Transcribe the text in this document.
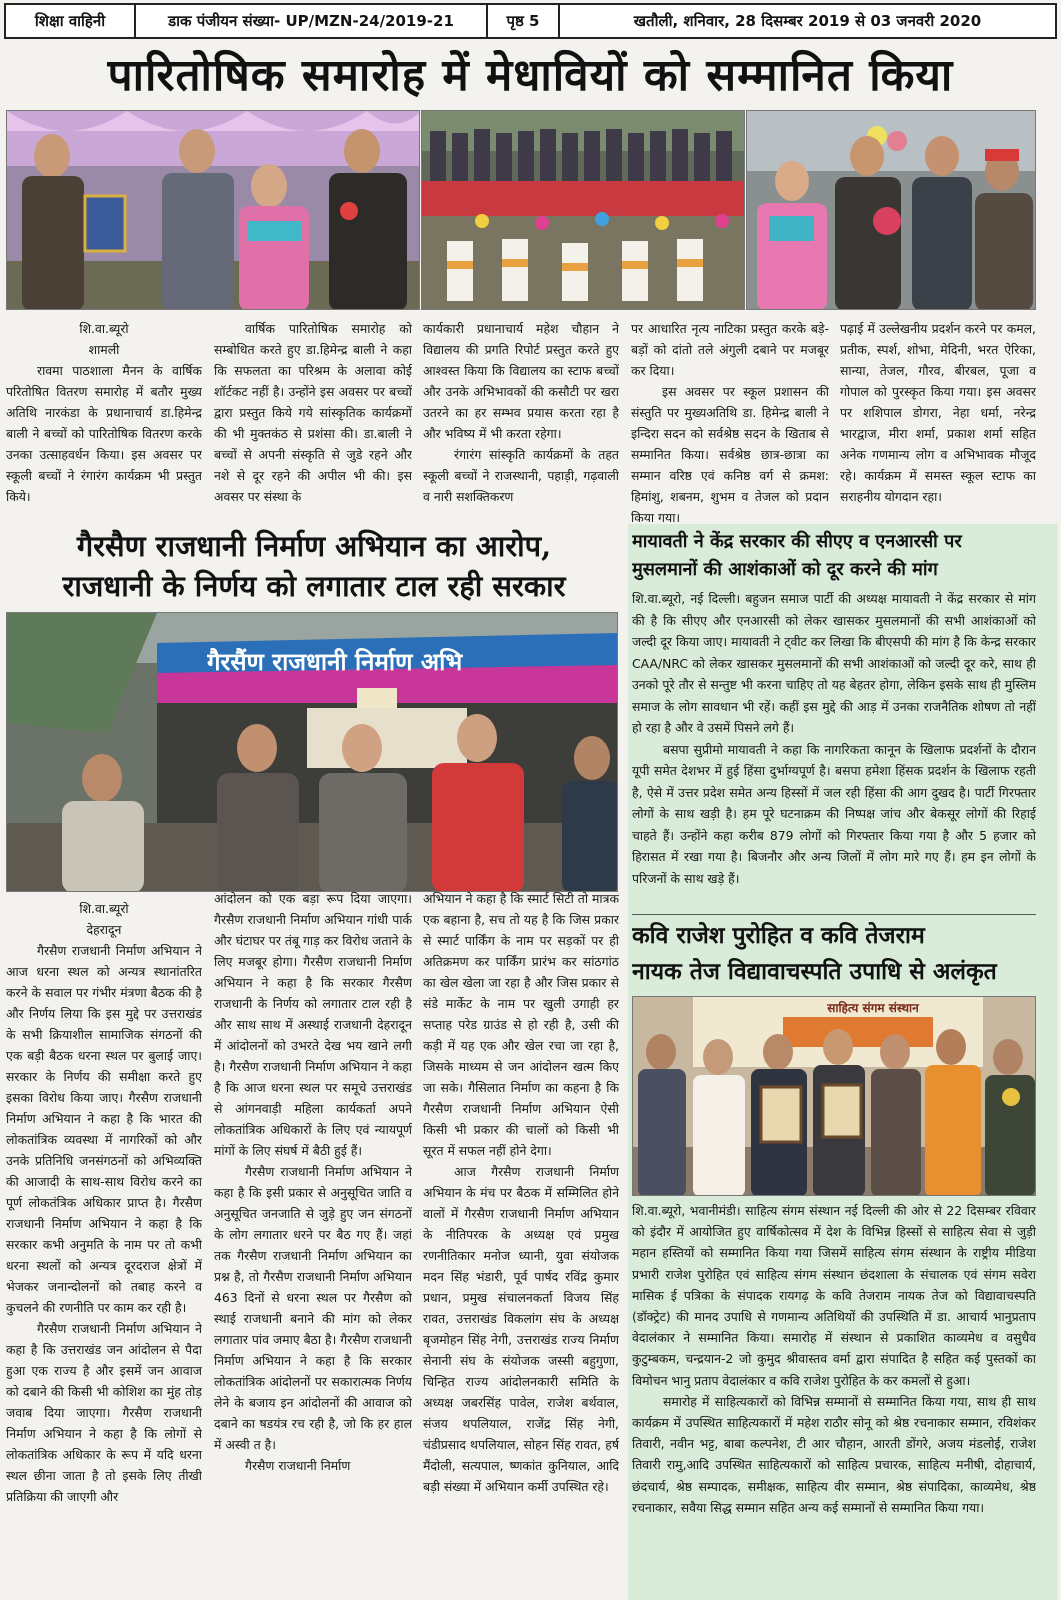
शिक्षा वाहिनी	डाक पंजीयन संख्या- UP/MZN-24/2019-21	पृष्ठ 5	खतौली, शनिवार, 28 दिसम्बर 2019 से 03 जनवरी 2020
पारितोषिक समारोह में मेधावियों को सम्मानित किया
शि.वा.ब्यूरो
शामली

रावमा पाठशाला मैनन के वार्षिक परितोषित वितरण समारोह में बतौर मुख्य अतिथि नारकंडा के प्रधानाचार्य डा.हिमेन्द्र बाली ने बच्चों को पारितोषिक वितरण करके उनका उत्साहवर्धन किया। इस अवसर पर स्कूली बच्चों ने रंगारंग कार्यक्रम भी प्रस्तुत किये।

वार्षिक पारितोषिक समारोह को सम्बोधित करते हुए डा.हिमेन्द्र बाली ने कहा कि सफलता का परिश्रम के अलावा कोई शॉर्टकट नहीं है। उन्होंने इस अवसर पर बच्चों द्वारा प्रस्तुत किये गये सांस्कृतिक कार्यक्रमों की भी मुक्तकंठ से प्रशंसा की। डा.बाली ने बच्चों से अपनी संस्कृति से जुडे रहने और नशे से दूर रहने की अपील भी की। इस अवसर पर संस्था के

कार्यकारी प्रधानाचार्य महेश चौहान ने विद्यालय की प्रगति रिपोर्ट प्रस्तुत करते हुए आश्वस्त किया कि विद्यालय का स्टाफ बच्चों और उनके अभिभावकों की कसौटी पर खरा उतरने का हर सम्भव प्रयास करता रहा है और भविष्य में भी करता रहेगा।

रंगारंग सांस्कृति कार्यक्रमों के तहत स्कूली बच्चों ने राजस्थानी, पहाड़ी, गढ़वाली व नारी सशक्तिकरण

पर आधारित नृत्य नाटिका प्रस्तुत करके बड़े-बड़ों को दांतो तले अंगुली दबाने पर मजबूर कर दिया।

इस अवसर पर स्कूल प्रशासन की संस्तुति पर मुख्यअतिथि डा. हिमेन्द्र बाली ने इन्दिरा सदन को सर्वश्रेष्ठ सदन के खिताब से सम्मानित किया। सर्वश्रेष्ठ छात्र-छात्रा का सम्मान वरिष्ठ एवं कनिष्ठ वर्ग से क्रमश: हिमांशु, शबनम, शुभम व तेजल को प्रदान किया गया।

पढ़ाई में उल्लेखनीय प्रदर्शन करने पर कमल, प्रतीक, स्पर्श, शोभा, मेदिनी, भरत ऐरिका, सान्या, तेजल, गौरव, बीरबल, पूजा व गोपाल को पुरस्कृत किया गया। इस अवसर पर शशिपाल डोगरा, नेहा धर्मा, नरेन्द्र भारद्वाज, मीरा शर्मा, प्रकाश शर्मा सहित अनेक गणमान्य लोग व अभिभावक मौजूद रहे। कार्यक्रम में समस्त स्कूल स्टाफ का सराहनीय योगदान रहा।
गैरसैण राजधानी निर्माण अभियान का आरोप,
राजधानी के निर्णय को लगातार टाल रही सरकार
गैरसैंण राजधानी निर्माण अभि
शि.वा.ब्यूरो
देहरादून

गैरसैण राजधानी निर्माण अभियान ने आज धरना स्थल को अन्यत्र स्थानांतरित करने के सवाल पर गंभीर मंत्रणा बैठक की है और निर्णय लिया कि इस मुद्दे पर उत्तराखंड के सभी क्रियाशील सामाजिक संगठनों की एक बड़ी बैठक धरना स्थल पर बुलाई जाए। सरकार के निर्णय की समीक्षा करते हुए इसका विरोध किया जाए। गैरसैण राजधानी निर्माण अभियान ने कहा है कि भारत की लोकतांत्रिक व्यवस्था में नागरिकों को और उनके प्रतिनिधि जनसंगठनों को अभिव्यक्ति की आजादी के साथ-साथ विरोध करने का पूर्ण लोकतंत्रिक अधिकार प्राप्त है। गैरसैण राजधानी निर्माण अभियान ने कहा है कि सरकार कभी अनुमति के नाम पर तो कभी धरना स्थलों को अन्यत्र दूरदराज क्षेत्रों में भेजकर जनान्दोलनों को तबाह करने व कुचलने की रणनीति पर काम कर रही है।

गैरसैण राजधानी निर्माण अभियान ने कहा है कि उत्तराखंड जन आंदोलन से पैदा हुआ एक राज्य है और इसमें जन आवाज को दबाने की किसी भी कोशिश का मुंह तोड़ जवाब दिया जाएगा। गैरसैण राजधानी निर्माण अभियान ने कहा है कि लोगों से लोकतांत्रिक अधिकार के रूप में यदि धरना स्थल छीना जाता है तो इसके लिए तीखी प्रतिक्रिया की जाएगी और

आंदोलन को एक बड़ा रूप दिया जाएगा। गैरसैण राजधानी निर्माण अभियान गांधी पार्क और घंटाघर पर तंबू गाड़ कर विरोध जताने के लिए मजबूर होगा। गैरसैण राजधानी निर्माण अभियान ने कहा है कि सरकार गैरसैण राजधानी के निर्णय को लगातार टाल रही है और साथ साथ में अस्थाई राजधानी देहरादून में आंदोलनों को उभरते देख भय खाने लगी है। गैरसैण राजधानी निर्माण अभियान ने कहा है कि आज धरना स्थल पर समूचे उत्तराखंड से आंगनवाड़ी महिला कार्यकर्ता अपने लोकतांत्रिक अधिकारों के लिए एवं न्यायपूर्ण मांगों के लिए संघर्ष में बैठी हुई हैं।

गैरसैण राजधानी निर्माण अभियान ने कहा है कि इसी प्रकार से अनुसूचित जाति व अनुसूचित जनजाति से जुड़े हुए जन संगठनों के लोग लगातार धरने पर बैठ गए हैं। जहां तक गैरसैण राजधानी निर्माण अभियान का प्रश्न है, तो गैरसैण राजधानी निर्माण अभियान 463 दिनों से धरना स्थल पर गैरसैण को स्थाई राजधानी बनाने की मांग को लेकर लगातार पांव जमाए बैठा है। गैरसैण राजधानी निर्माण अभियान ने कहा है कि सरकार लोकतांत्रिक आंदोलनों पर सकारात्मक निर्णय लेने के बजाय इन आंदोलनों की आवाज को दबाने का षडयंत्र रच रही है, जो कि हर हाल में अस्वी त है।

गैरसैण राजधानी निर्माण

अभियान ने कहा है कि स्मार्ट सिटी तो मात्रक एक बहाना है, सच तो यह है कि जिस प्रकार से स्मार्ट पार्किंग के नाम पर सड़कों पर ही अतिक्रमण कर पार्किंग प्रारंभ कर सांठगांठ का खेल खेला जा रहा है और जिस प्रकार से संडे मार्केट के नाम पर खुली उगाही हर सप्ताह परेड ग्राउंड से हो रही है, उसी की कड़ी में यह एक और खेल रचा जा रहा है, जिसके माध्यम से जन आंदोलन खत्म किए जा सके। गैसिलात निर्माण का कहना है कि गैरसैण राजधानी निर्माण अभियान ऐसी किसी भी प्रकार की चालों को किसी भी सूरत में सफल नहीं होने देगा।

आज गैरसैण राजधानी निर्माण अभियान के मंच पर बैठक में सम्मिलित होने वालों में गैरसैण राजधानी निर्माण अभियान के नीतिपरक के अध्यक्ष एवं प्रमुख रणनीतिकार मनोज ध्यानी, युवा संयोजक मदन सिंह भंडारी, पूर्व पार्षद रविंद्र कुमार प्रधान, प्रमुख संचालनकर्ता विजय सिंह रावत, उत्तराखंड विकलांग संघ के अध्यक्ष बृजमोहन सिंह नेगी, उत्तराखंड राज्य निर्माण सेनानी संघ के संयोजक जस्सी बहुगुणा, चिन्हित राज्य आंदोलनकारी समिति के अध्यक्ष जबरसिंह पावेल, राजेश बर्थवाल, संजय थपलियाल, राजेंद्र सिंह नेगी, चंडीप्रसाद थपलियाल, सोहन सिंह रावत, हर्ष मैंदोली, सत्यपाल, ष्णकांत कुनियाल, आदि बड़ी संख्या में अभियान कर्मी उपस्थित रहे।

मायावती ने केंद्र सरकार की सीएए व एनआरसी पर
मुसलमानों की आशंकाओं को दूर करने की मांग
शि.वा.ब्यूरो, नई दिल्ली। बहुजन समाज पार्टी की अध्यक्ष मायावती ने केंद्र सरकार से मांग की है कि सीएए और एनआरसी को लेकर खासकर मुसलमानों की सभी आशंकाओं को जल्दी दूर किया जाए। मायावती ने ट्वीट कर लिखा कि बीएसपी की मांग है कि केन्द्र सरकार CAA/NRC को लेकर खासकर मुसलमानों की सभी आशंकाओं को जल्दी दूर करे, साथ ही उनको पूरे तौर से सन्तुष्ट भी करना चाहिए तो यह बेहतर होगा, लेकिन इसके साथ ही मुस्लिम समाज के लोग सावधान भी रहें। कहीं इस मुद्दे की आड़ में उनका राजनैतिक शोषण तो नहीं हो रहा है और वे उसमें पिसने लगे हैं।

बसपा सुप्रीमो मायावती ने कहा कि नागरिकता कानून के खिलाफ प्रदर्शनों के दौरान यूपी समेत देशभर में हुई हिंसा दुर्भाग्यपूर्ण है। बसपा हमेशा हिंसक प्रदर्शन के खिलाफ रहती है, ऐसे में उत्तर प्रदेश समेत अन्य हिस्सों में जल रही हिंसा की आग दुखद है। पार्टी गिरफ्तार लोगों के साथ खड़ी है। हम पूरे घटनाक्रम की निष्पक्ष जांच और बेकसूर लोगों की रिहाई चाहते हैं। उन्होंने कहा करीब 879 लोगों को गिरफ्तार किया गया है और 5 हजार को हिरासत में रखा गया है। बिजनौर और अन्य जिलों में लोग मारे गए हैं। हम इन लोगों के परिजनों के साथ खड़े हैं।

कवि राजेश पुरोहित व कवि तेजराम
नायक तेज विद्यावाचस्पति उपाधि से अलंकृत
साहित्य संगम संस्थान
शि.वा.ब्यूरो, भवानीमंडी। साहित्य संगम संस्थान नई दिल्ली की ओर से 22 दिसम्बर रविवार को इंदौर में आयोजित हुए वार्षिकोत्सव में देश के विभिन्न हिस्सों से साहित्य सेवा से जुड़ी महान हस्तियों को सम्मानित किया गया जिसमें साहित्य संगम संस्थान के राष्ट्रीय मीडिया प्रभारी राजेश पुरोहित एवं साहित्य संगम संस्थान छंदशाला के संचालक एवं संगम सवेरा मासिक ई पत्रिका के संपादक रायगढ़ के कवि तेजराम नायक तेज को विद्यावाचस्पति (डॉक्ट्रेट) की मानद उपाधि से गणमान्य अतिथियों की उपस्थिति में डा. आचार्य भानुप्रताप वेदालंकार ने सम्मानित किया। समारोह में संस्थान से प्रकाशित काव्यमेध व वसुधैव कुटुम्बकम, चन्द्रयान-2 जो कुमुद श्रीवास्तव वर्मा द्वारा संपादित है सहित कई पुस्तकों का विमोचन भानु प्रताप वेदालंकार व कवि राजेश पुरोहित के कर कमलों से हुआ।

समारोह में साहित्यकारों को विभिन्न सम्मानों से सम्मानित किया गया, साथ ही साथ कार्यक्रम में उपस्थित साहित्यकारों में महेश राठौर सोनू को श्रेष्ठ रचनाकार सम्मान, रविशंकर तिवारी, नवीन भट्ट, बाबा कल्पनेश, टी आर चौहान, आरती डोंगरे, अजय मंडलोई, राजेश तिवारी रामु,आदि उपस्थित साहित्यकारों को साहित्य प्रचारक, साहित्य मनीषी, दोहाचार्य, छंदचार्य, श्रेष्ठ सम्पादक, समीक्षक, साहित्य वीर सम्मान, श्रेष्ठ संपादिका, काव्यमेध, श्रेष्ठ रचनाकार, सवैया सिद्ध सम्मान सहित अन्य कई सम्मानों से सम्मानित किया गया।
